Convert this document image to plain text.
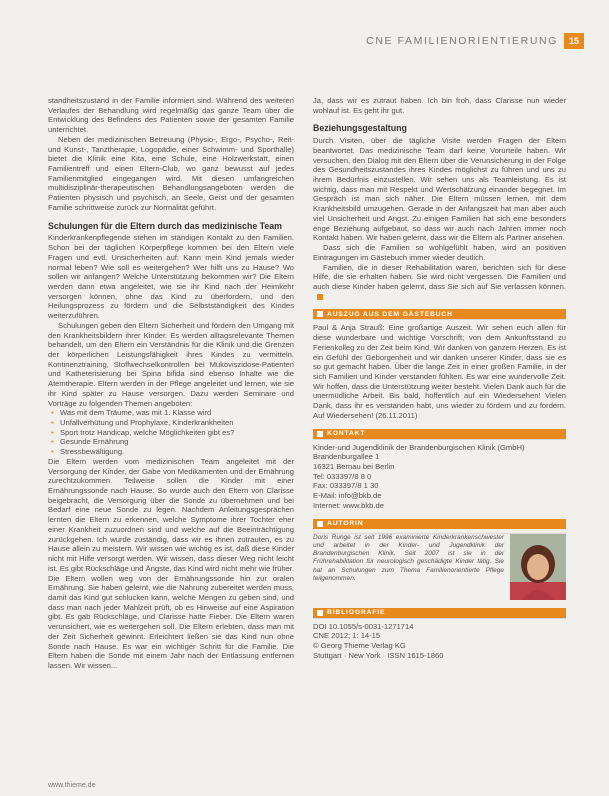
CNE FAMILIENORIENTIERUNG	15

standheitszustand in der Familie informiert sind. Während des weiteren Verlaufes der Behandlung wird regelmäßig das ganze Team über die Entwicklung des Befindens des Patienten sowie der gesamten Familie unterrichtet.

Neben der medizinischen Betreuung (Physio-, Ergo-, Psycho-, Reit- und Kunst-, Tanztherapie, Logopädie, einer Schwimm- und Sporthalle) bietet die Klinik eine Kita, eine Schule, eine Holzwerkstatt, einen Familientreff und einen Eltern-Club, wo ganz bewusst auf jedes Familienmitglied eingegangen wird. Mit diesen umfangreichen multidisziplinär-therapeutischen Behandlungsangeboten werden die Patienten physisch und psychisch, an Seele, Geist und der gesamten Familie schrittweise zurück zur Normalität geführt.

Schulungen für die Eltern durch das medizinische Team

Kinderkrankenpflegende stehen im ständigen Kontakt zu den Familien. Schon bei der täglichen Körperpflege kommen bei den Eltern viele Fragen und evtl. Unsicherheiten auf: Kann mein Kind jemals wieder normal leben? Wie soll es weitergehen? Wer hilft uns zu Hause? Wo sollen wir anfangen? Welche Unterstützung bekommen wir? Die Eltern werden dann etwa angeleitet, wie sie ihr Kind nach der Heimkehr versorgen können, ohne das Kind zu überfordern, und den Heilungsprozess zu fördern und die Selbstständigkeit des Kindes weiterzuführen.

Schulungen geben den Eltern Sicherheit und fördern den Umgang mit den Krankheitsbildern ihrer Kinder. Es werden alltagsrelevante Themen behandelt, um den Eltern ein Verständnis für die Klinik und die Grenzen der körperlichen Leistungsfähigkeit ihres Kindes zu vermitteln. Kontinenztraining, Stoffwechselkontrollen bei Mukoviszidose-Patienten und Katheterisierung bei Spina bifida sind ebenso Inhalte wie die Atemtherapie. Eltern werden in der Pflege angeleitet und lernen, wie sie ihr Kind später zu Hause versorgen. Dazu werden Seminare und Vorträge zu folgenden Themen angeboten:

• Was mit dem Träume, was mit 1. Klasse wird
• Unfallverhütung und Prophylaxe, Kinderkrankheiten
• Sport trotz Handicap, welche Möglichkeiten gibt es?
• Gesunde Ernährung
• Stressbewältigung.

Die Eltern werden vom medizinischen Team angeleitet mit der Versorgung der Kinder, der Gabe von Medikamenten und der Ernährung zurechtzukommen. Teilweise sollen die Kinder mit einer Ernährungssonde nach Hause. So wurde auch den Eltern von Clarisse beigebracht, die Versorgung über die Sonde zu übernehmen und bei Bedarf eine neue Sonde zu legen. Nachdem Anleitungsgesprächen lernten die Eltern zu erkennen, welche Symptome ihrer Tochter eher einer Krankheit zuzuordnen sind und welche auf die Beeinträchtigung zurückgehen. Ich wurde zuständig, dass wir es ihnen zutrauten, es zu Hause allein zu meistern. Wir wissen wie wichtig es ist, daß diese Kinder nicht mit Hilfe versorgt werden. Wir wissen, dass dieser Weg nicht leicht ist. Es gibt Rückschläge und Ängste, das Kind wird nicht mehr wie früher. Die Eltern wollen weg von der Ernährungssonde hin zur oralen Ernährung. Sie haben gelernt, wie die Nahrung zubereitet werden muss, damit das Kind gut schlucken kann, welche Mengen zu geben sind, und dass man nach jeder Mahlzeit prüft, ob es Hinweise auf eine Aspiration gibt. Es gab Rückschläge, und Clarisse hatte Fieber. Die Eltern waren verunsichert, wie es weitergehen soll. Die Eltern erlebten, dass man mit der Zeit Sicherheit gewinnt. Erleichtert ließen sie das Kind nun ohne Sonde nach Hause. Es war ein wichtiger Schritt für die Familie. Die Eltern haben die Sonde mit einem Jahr nach der Entlassung entfernen lassen. Wir wissen...

Ja, dass wir es zutraut haben. Ich bin froh, dass Clarisse nun wieder wohlauf ist. Es geht ihr gut.

Beziehungsgestaltung

Durch Visiten, über die tägliche Visite werden Fragen der Eltern beantwortet. Das medizinische Team darf keine Vorurteile haben. Wir versuchen, den Dialog mit den Eltern über die Verunsicherung in der Folge des Gesundheitszustandes ihres Kindes möglichst zu führen und uns zu ihrem Bedürfnis einzustellen. Wir sehen uns als Teamleistung. Es ist wichtig, dass man mit Respekt und Wertschätzung einander begegnet. Im Gespräch ist man sich näher. Die Eltern müssen lernen, mit dem Krankheitsbild umzugehen. Gerade in der Anfangszeit hat man aber auch viel Unsicherheit und Angst. Zu einigen Familien hat sich eine besonders enge Beziehung aufgebaut, so dass wir auch nach Jahren immer noch Kontakt haben. Wir haben gelernt, dass wir die Eltern als Partner ansehen.

Dass sich die Familien so wohlgefühlt haben, wird an positiven Eintragungen im Gästebuch immer wieder deutlich.

Familien, die in dieser Rehabilitation waren, berichten sich für diese Hilfe, die sie erhalten haben. Sie wird nicht vergessen. Die Familien und auch diese Kinder haben gelernt, dass Sie sich auf Sie verlassen können.

AUSZUG AUS DEM GÄSTEBUCH

Paul & Anja Strauß: Eine großartige Auszeit. Wir sehen euch allen für diese wunderbare und wichtige Vorschrift; von dem Ankunftsstand zu Ferienkolleg zu der Zeit beim Kind. Wir danken von ganzem Herzen. Es ist ein Gefühl der Geborgenheit und wir danken unserer Kinder, dass sie es so gut gemacht haben. Über die lange Zeit in einer großen Familie, in der sich Familien und Kinder verstanden fühlten. Es war eine wundervolle Zeit. Wir hoffen, dass die Unterstützung weiter besteht. Vielen Dank auch für die unermüdliche Arbeit. Bis bald, hoffentlich auf ein Wiedersehen! Vielen Dank, dass ihr es verstanden habt, uns wieder zu fördern und zu fordern. Auf Wiedersehen! (26.11.2011)

KONTAKT

Kinder-und Jugendklinik der Brandenburgischen Klinik (GmbH)

Brandenburgallee 1

16321 Bernau bei Berlin

Tel: 033397/8 8 0

Fax: 033397/8 1 30

E-Mail: info@bkb.de

Internet: www.bkb.de

AUTORIN

Doris Runge ist seit 1996 examinierte Kinderkrankenschwester und arbeitet in der Kinder- und Jugendklinik der Brandenburgischen Klinik. Seit 2007 ist sie in der Frührehabilitation für neurologisch geschädigte Kinder tätig. Sie hat an Schulungen zum Thema Familienorientierte Pflege teilgenommen.

BIBLIOGRAFIE

DOI 10.1055/s-0031-1271714

CNE 2012; 1: 14-15

© Georg Thieme Verlag KG

Stuttgart · New York · ISSN 1615-1860

www.thieme.de
